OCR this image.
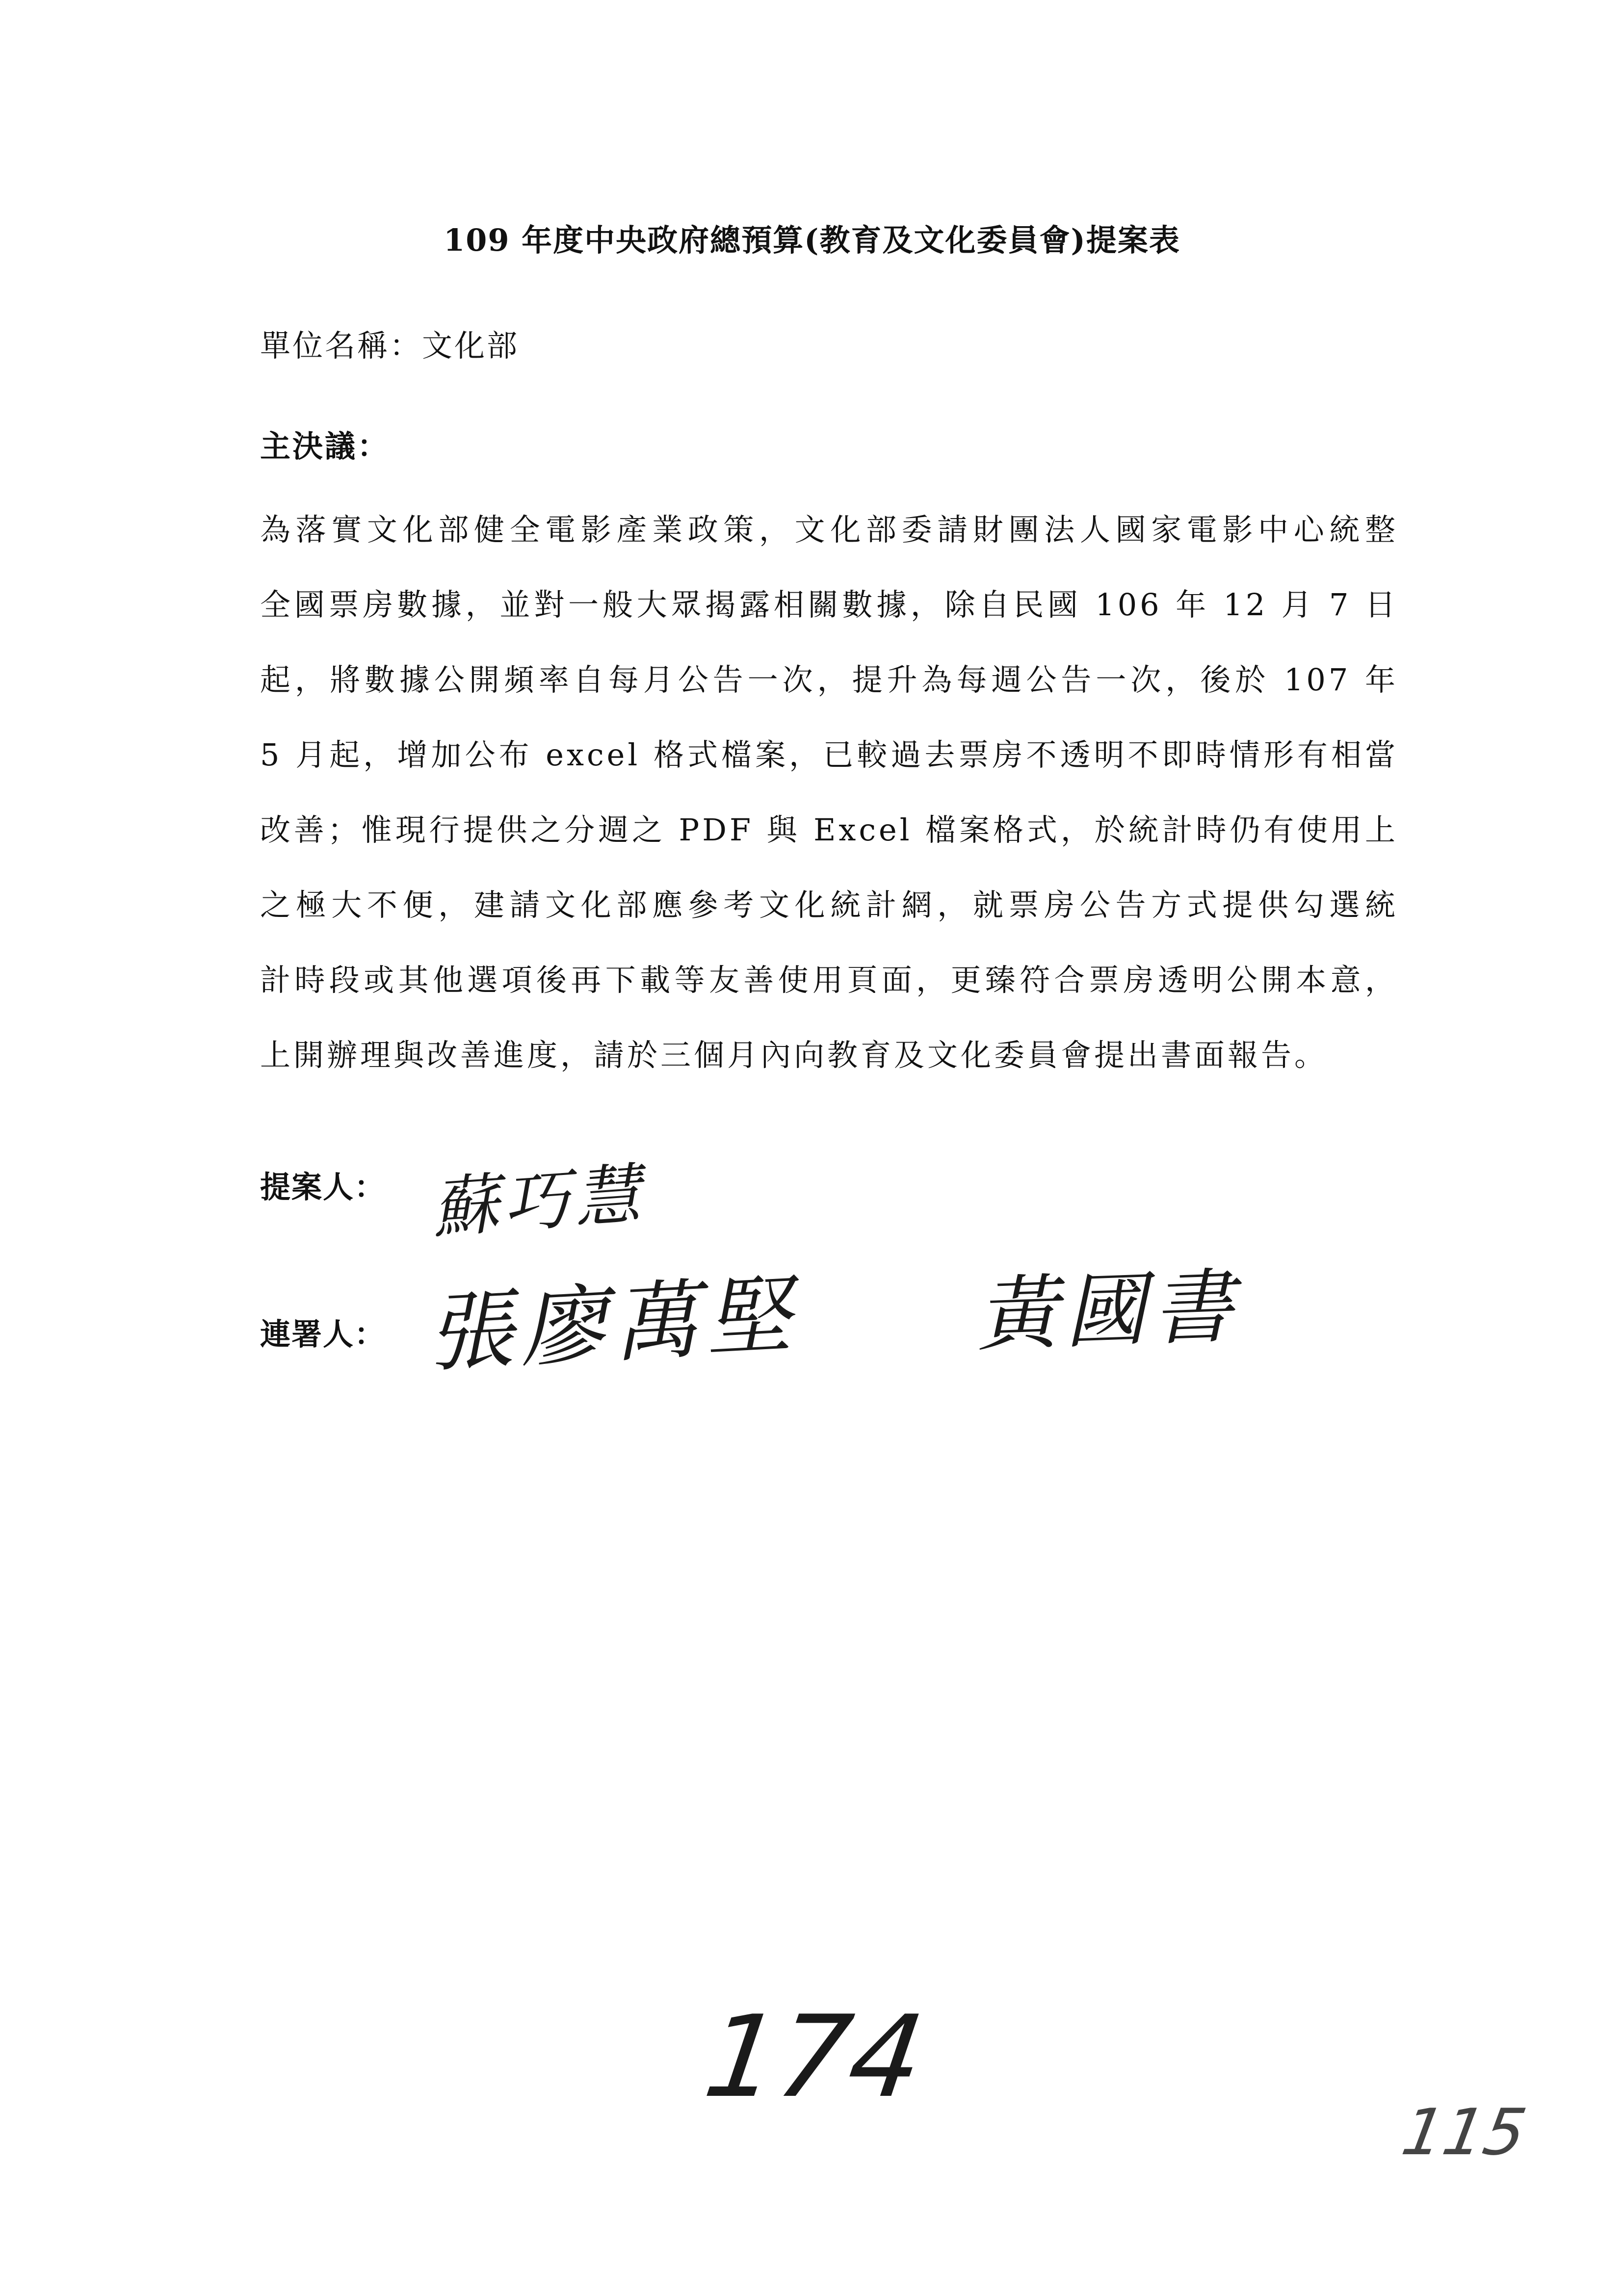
109 年度中央政府總預算(教育及文化委員會)提案表
單位名稱：文化部
主決議：
為落實文化部健全電影產業政策，文化部委請財團法人國家電影中心統整
全國票房數據，並對一般大眾揭露相關數據，除自民國 106 年 12 月 7 日
起，將數據公開頻率自每月公告一次，提升為每週公告一次，後於 107 年
5 月起，增加公布 excel 格式檔案，已較過去票房不透明不即時情形有相當
改善；惟現行提供之分週之 PDF 與 Excel 檔案格式，於統計時仍有使用上
之極大不便，建請文化部應參考文化統計網，就票房公告方式提供勾選統
計時段或其他選項後再下載等友善使用頁面，更臻符合票房透明公開本意，
上開辦理與改善進度，請於三個月內向教育及文化委員會提出書面報告。
提案人： 蘇巧慧
連署人： 張廖萬堅 黃國書
174
115
